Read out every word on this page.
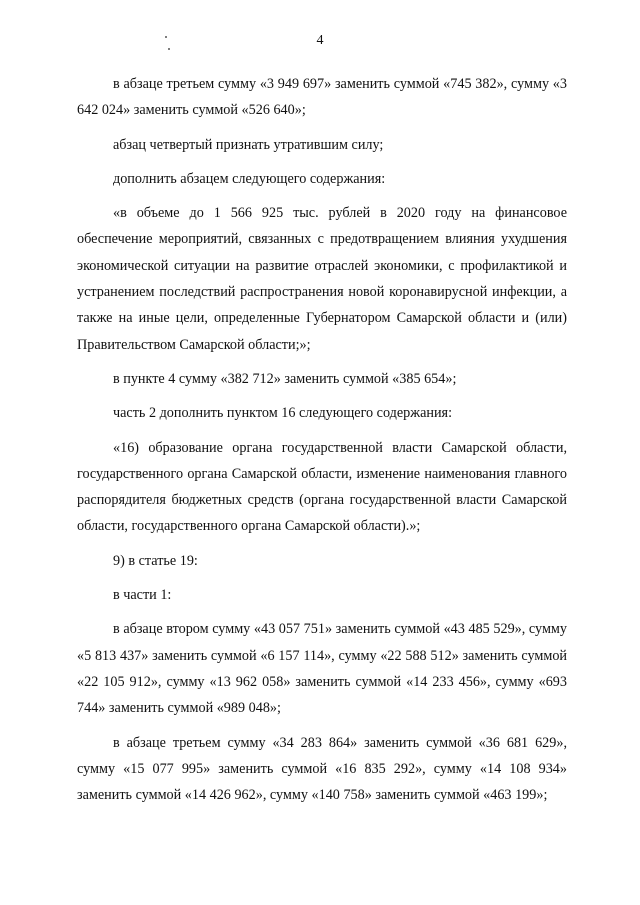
4

в абзаце третьем сумму «3 949 697» заменить суммой «745 382», сумму «3 642 024» заменить суммой «526 640»;

абзац четвертый признать утратившим силу;

дополнить абзацем следующего содержания:

«в объеме до 1 566 925 тыс. рублей в 2020 году на финансовое обеспечение мероприятий, связанных с предотвращением влияния ухудшения экономической ситуации на развитие отраслей экономики, с профилактикой и устранением последствий распространения новой коронавирусной инфекции, а также на иные цели, определенные Губернатором Самарской области и (или) Правительством Самарской области;»;

в пункте 4 сумму «382 712» заменить суммой «385 654»;

часть 2 дополнить пунктом 16 следующего содержания:

«16) образование органа государственной власти Самарской области, государственного органа Самарской области, изменение наименования главного распорядителя бюджетных средств (органа государственной власти Самарской области, государственного органа Самарской области).»;

9) в статье 19:

в части 1:

в абзаце втором сумму «43 057 751» заменить суммой «43 485 529», сумму «5 813 437» заменить суммой «6 157 114», сумму «22 588 512» заменить суммой «22 105 912», сумму «13 962 058» заменить суммой «14 233 456», сумму «693 744» заменить суммой «989 048»;

в абзаце третьем сумму «34 283 864» заменить суммой «36 681 629», сумму «15 077 995» заменить суммой «16 835 292», сумму «14 108 934» заменить суммой «14 426 962», сумму «140 758» заменить суммой «463 199»;
